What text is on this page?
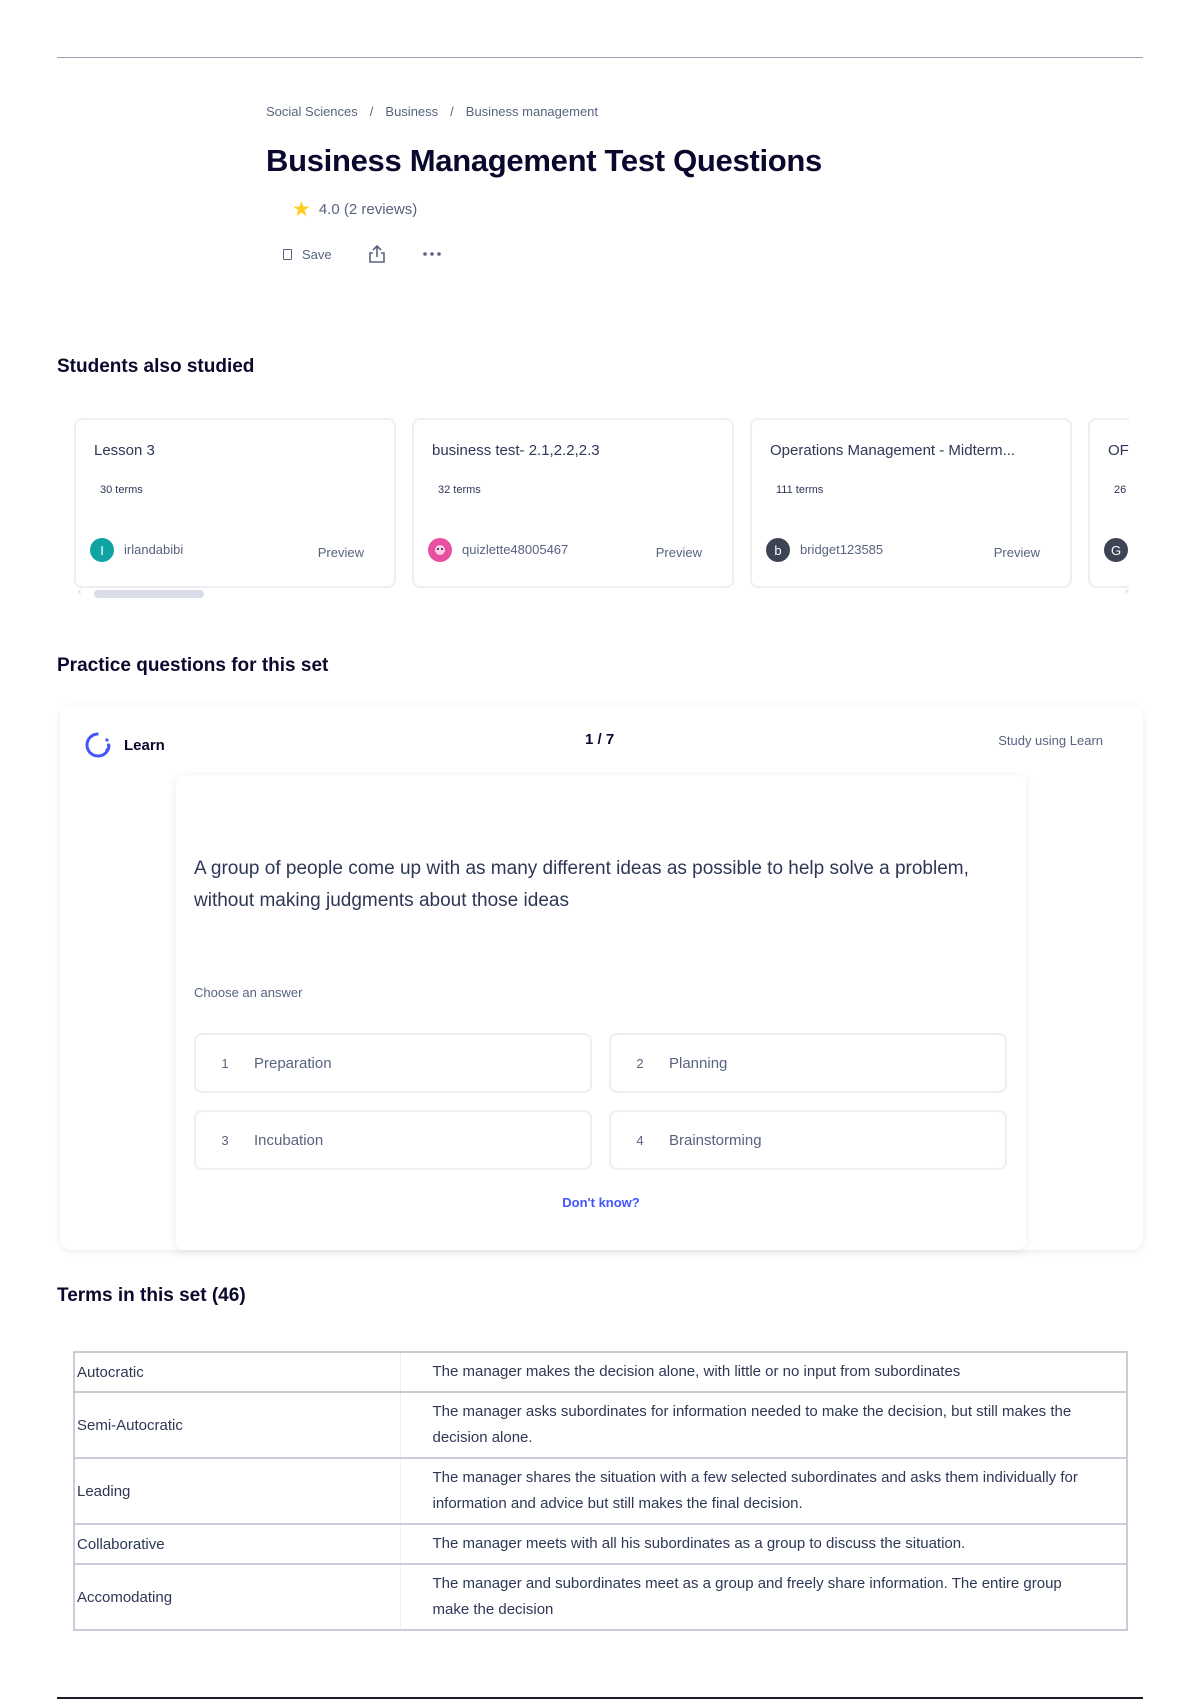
Social Sciences / Business / Business management
Business Management Test Questions
★ 4.0 (2 reviews)
Save
Students also studied
Lesson 3
30 terms
I	irlandabibi	Preview
business test- 2.1,2.2,2.3
32 terms
quizlette48005467	Preview
Operations Management - Midterm...
111 terms
b	bridget123585	Preview
OF
26
G
‹	›
Practice questions for this set
Learn	1 / 7	Study using Learn
A group of people come up with as many different ideas as possible to help solve a problem, without making judgments about those ideas
Choose an answer
1	Preparation	2	Planning
3	Incubation	4	Brainstorming
Don't know?
Terms in this set (46)
Autocratic	The manager makes the decision alone, with little or no input from subordinates
Semi-Autocratic	The manager asks subordinates for information needed to make the decision, but still makes the decision alone.
Leading	The manager shares the situation with a few selected subordinates and asks them individually for information and advice but still makes the final decision.
Collaborative	The manager meets with all his subordinates as a group to discuss the situation.
Accomodating	The manager and subordinates meet as a group and freely share information. The entire group make the decision
